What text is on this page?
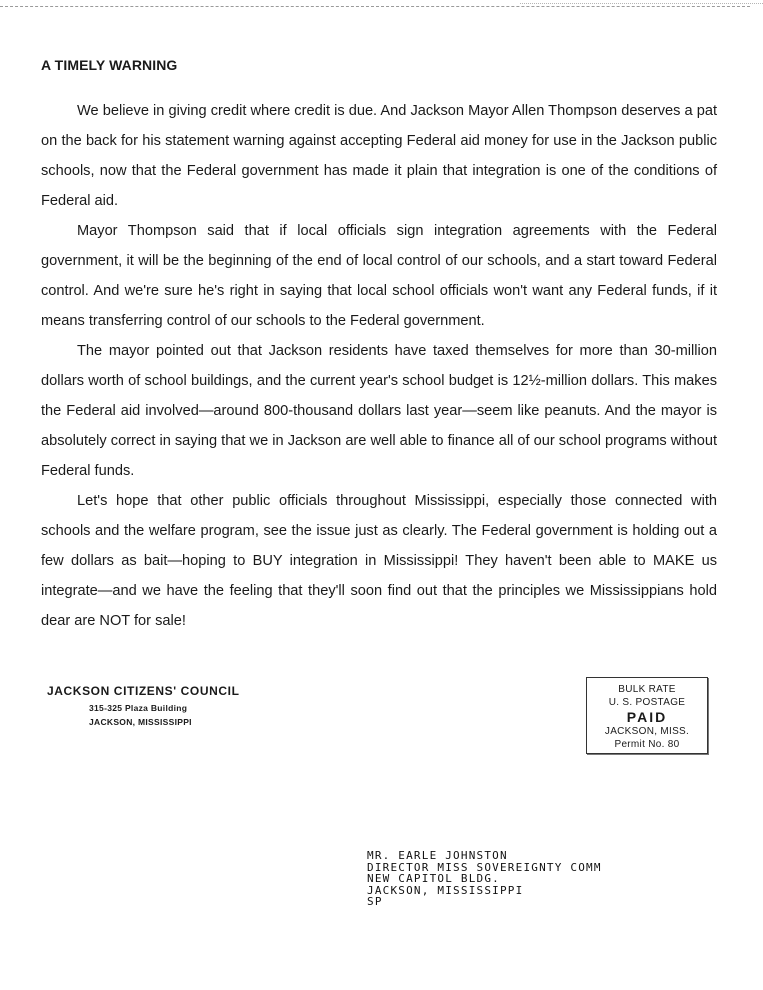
A TIMELY WARNING

We believe in giving credit where credit is due. And Jackson Mayor Allen Thompson deserves a pat on the back for his statement warning against accepting Federal aid money for use in the Jackson public schools, now that the Federal government has made it plain that integration is one of the conditions of Federal aid.

Mayor Thompson said that if local officials sign integration agreements with the Federal government, it will be the beginning of the end of local control of our schools, and a start toward Federal control. And we're sure he's right in saying that local school officials won't want any Federal funds, if it means transferring control of our schools to the Federal government.

The mayor pointed out that Jackson residents have taxed themselves for more than 30-million dollars worth of school buildings, and the current year's school budget is 12½-million dollars. This makes the Federal aid involved—around 800-thousand dollars last year—seem like peanuts. And the mayor is absolutely correct in saying that we in Jackson are well able to finance all of our school programs without Federal funds.

Let's hope that other public officials throughout Mississippi, especially those connected with schools and the welfare program, see the issue just as clearly. The Federal government is holding out a few dollars as bait—hoping to BUY integration in Mississippi! They haven't been able to MAKE us integrate—and we have the feeling that they'll soon find out that the principles we Mississippians hold dear are NOT for sale!

JACKSON CITIZENS' COUNCIL
315-325 Plaza Building
JACKSON, MISSISSIPPI
BULK RATE
U. S. POSTAGE
PAID
JACKSON, MISS.
Permit No. 80
MR. EARLE JOHNSTON
DIRECTOR MISS SOVEREIGNTY COMM
NEW CAPITOL BLDG.
JACKSON, MISSISSIPPI
SP
